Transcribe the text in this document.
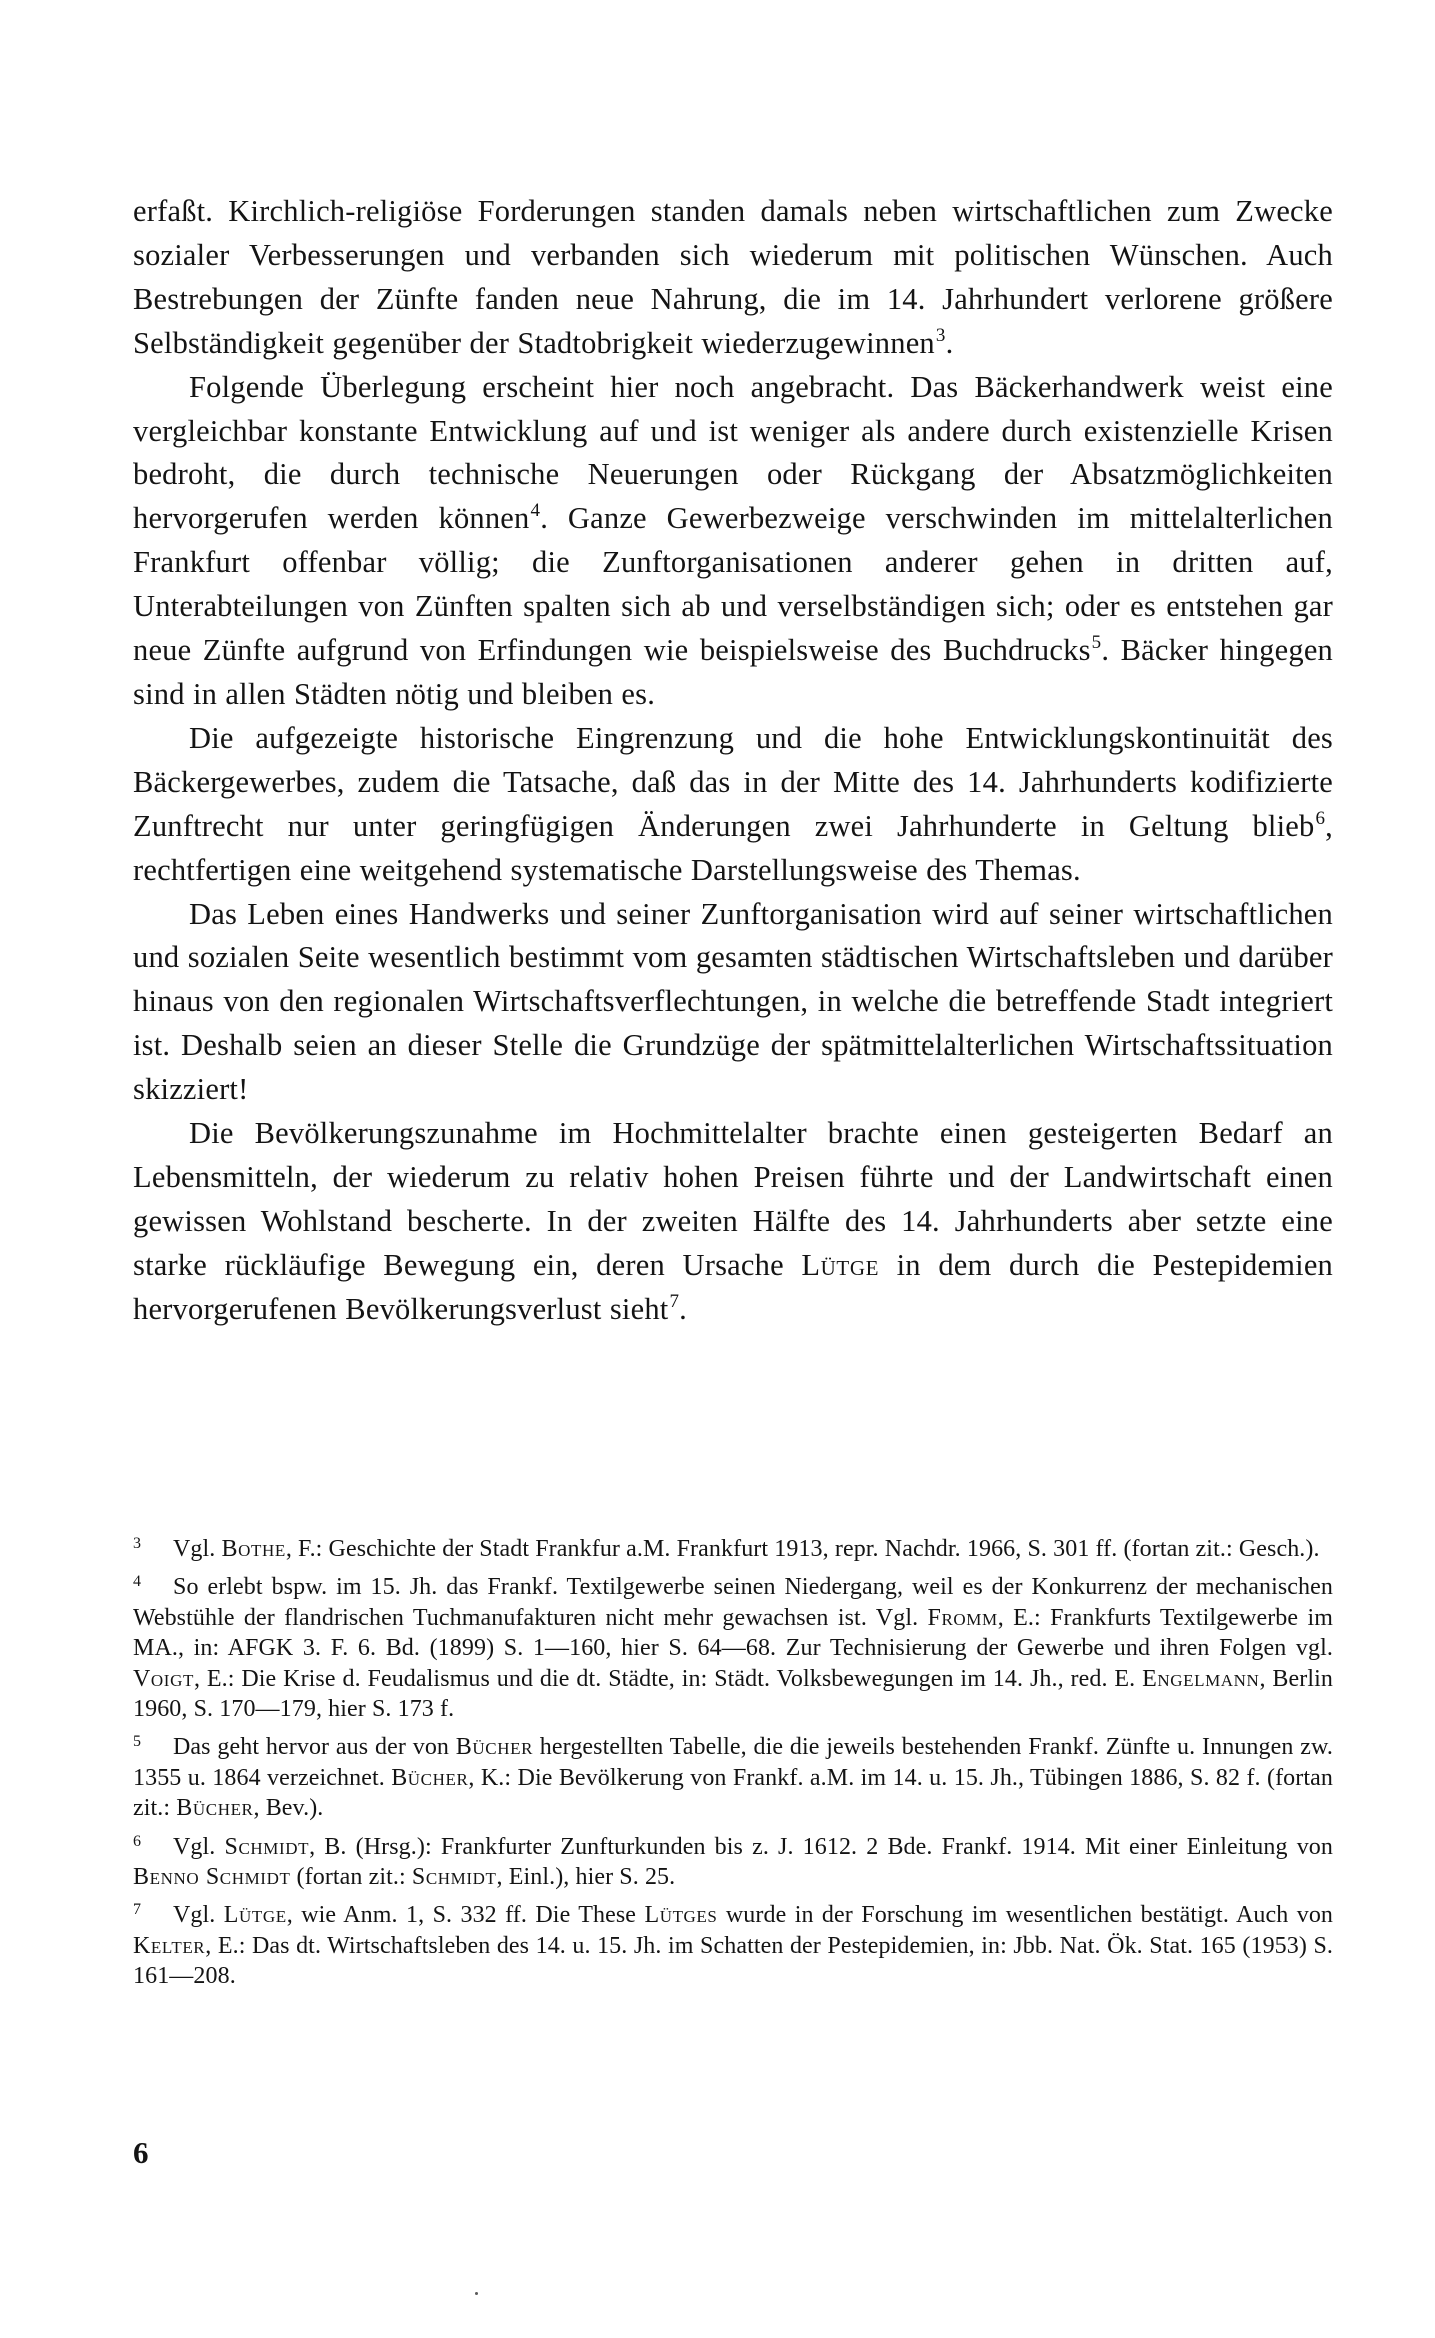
erfaßt. Kirchlich-religiöse Forderungen standen damals neben wirtschaftlichen zum Zwecke sozialer Verbesserungen und verbanden sich wiederum mit politischen Wünschen. Auch Bestrebungen der Zünfte fanden neue Nahrung, die im 14. Jahrhundert verlorene größere Selbständigkeit gegenüber der Stadtobrigkeit wiederzugewinnen$^3$.

Folgende Überlegung erscheint hier noch angebracht. Das Bäckerhandwerk weist eine vergleichbar konstante Entwicklung auf und ist weniger als andere durch existenzielle Krisen bedroht, die durch technische Neuerungen oder Rückgang der Absatzmöglichkeiten hervorgerufen werden können$^4$. Ganze Gewerbezweige verschwinden im mittelalterlichen Frankfurt offenbar völlig; die Zunftorganisationen anderer gehen in dritten auf, Unterabteilungen von Zünften spalten sich ab und verselbständigen sich; oder es entstehen gar neue Zünfte aufgrund von Erfindungen wie beispielsweise des Buchdrucks$^5$. Bäcker hingegen sind in allen Städten nötig und bleiben es.

Die aufgezeigte historische Eingrenzung und die hohe Entwicklungskontinuität des Bäckergewerbes, zudem die Tatsache, daß das in der Mitte des 14. Jahrhunderts kodifizierte Zunftrecht nur unter geringfügigen Änderungen zwei Jahrhunderte in Geltung blieb$^6$, rechtfertigen eine weitgehend systematische Darstellungsweise des Themas.

Das Leben eines Handwerks und seiner Zunftorganisation wird auf seiner wirtschaftlichen und sozialen Seite wesentlich bestimmt vom gesamten städtischen Wirtschaftsleben und darüber hinaus von den regionalen Wirtschaftsverflechtungen, in welche die betreffende Stadt integriert ist. Deshalb seien an dieser Stelle die Grundzüge der spätmittelalterlichen Wirtschaftssituation skizziert!

Die Bevölkerungszunahme im Hochmittelalter brachte einen gesteigerten Bedarf an Lebensmitteln, der wiederum zu relativ hohen Preisen führte und der Landwirtschaft einen gewissen Wohlstand bescherte. In der zweiten Hälfte des 14. Jahrhunderts aber setzte eine starke rückläufige Bewegung ein, deren Ursache Lütge in dem durch die Pestepidemien hervorgerufenen Bevölkerungsverlust sieht$^7$.

3 Vgl. Bothe, F.: Geschichte der Stadt Frankfur a.M. Frankfurt 1913, repr. Nachdr. 1966, S. 301 ff. (fortan zit.: Gesch.).

4 So erlebt bspw. im 15. Jh. das Frankf. Textilgewerbe seinen Niedergang, weil es der Konkurrenz der mechanischen Webstühle der flandrischen Tuchmanufakturen nicht mehr gewachsen ist. Vgl. Fromm, E.: Frankfurts Textilgewerbe im MA., in: AFGK 3. F. 6. Bd. (1899) S. 1—160, hier S. 64—68. Zur Technisierung der Gewerbe und ihren Folgen vgl. Voigt, E.: Die Krise d. Feudalismus und die dt. Städte, in: Städt. Volksbewegungen im 14. Jh., red. E. Engelmann, Berlin 1960, S. 170—179, hier S. 173 f.

5 Das geht hervor aus der von Bücher hergestellten Tabelle, die die jeweils bestehenden Frankf. Zünfte u. Innungen zw. 1355 u. 1864 verzeichnet. Bücher, K.: Die Bevölkerung von Frankf. a.M. im 14. u. 15. Jh., Tübingen 1886, S. 82 f. (fortan zit.: Bücher, Bev.).

6 Vgl. Schmidt, B. (Hrsg.): Frankfurter Zunfturkunden bis z. J. 1612. 2 Bde. Frankf. 1914. Mit einer Einleitung von Benno Schmidt (fortan zit.: Schmidt, Einl.), hier S. 25.

7 Vgl. Lütge, wie Anm. 1, S. 332 ff. Die These Lütges wurde in der Forschung im wesentlichen bestätigt. Auch von Kelter, E.: Das dt. Wirtschaftsleben des 14. u. 15. Jh. im Schatten der Pestepidemien, in: Jbb. Nat. Ök. Stat. 165 (1953) S. 161—208.

6
